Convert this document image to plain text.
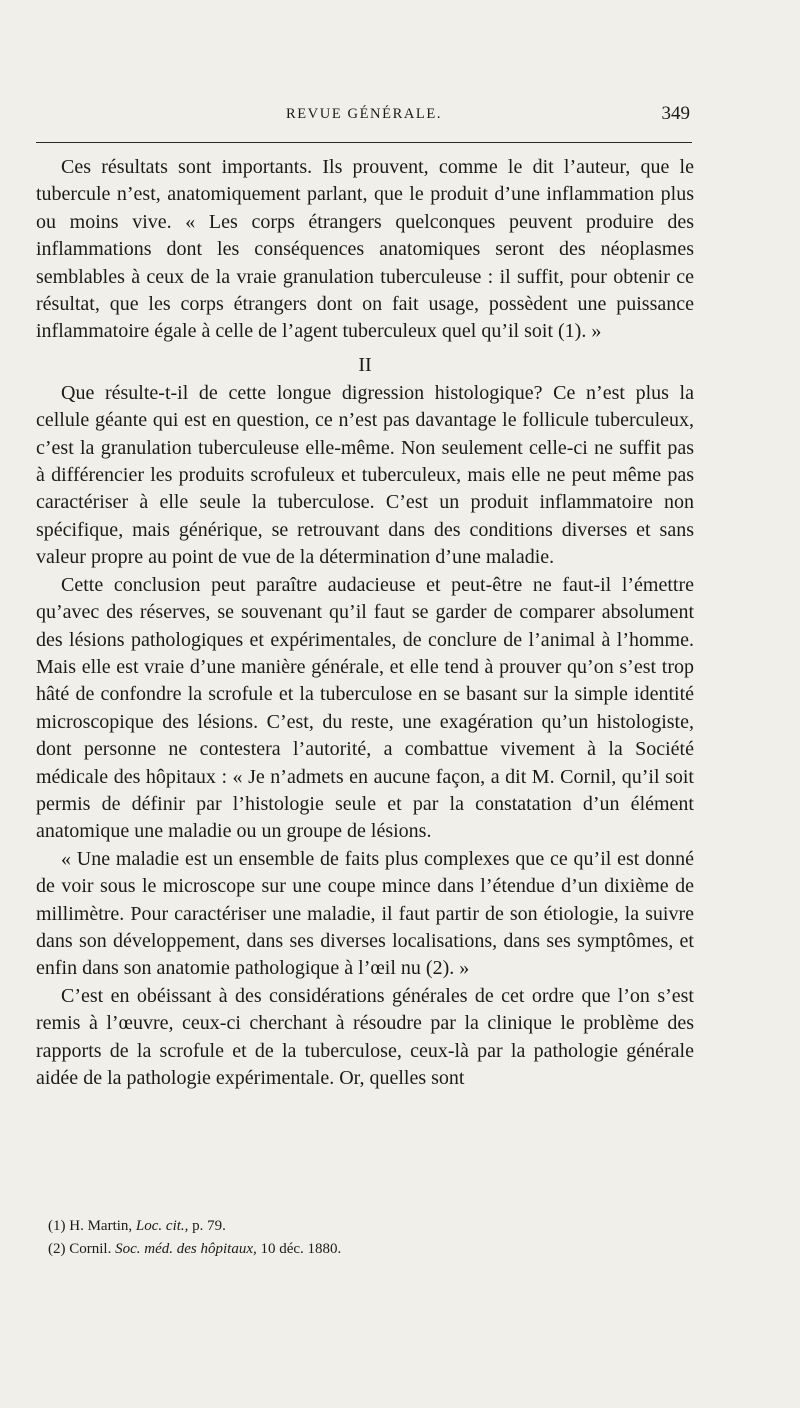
REVUE GÉNÉRALE.	349

Ces résultats sont importants. Ils prouvent, comme le dit l’auteur, que le tubercule n’est, anatomiquement parlant, que le produit d’une inflammation plus ou moins vive. « Les corps étrangers quelconques peuvent produire des inflammations dont les conséquences anatomiques seront des néoplasmes semblables à ceux de la vraie granulation tuberculeuse : il suffit, pour obtenir ce résultat, que les corps étrangers dont on fait usage, possèdent une puissance inflammatoire égale à celle de l’agent tuberculeux quel qu’il soit (1). »

II

Que résulte-t-il de cette longue digression histologique? Ce n’est plus la cellule géante qui est en question, ce n’est pas davantage le follicule tuberculeux, c’est la granulation tuberculeuse elle-même. Non seulement celle-ci ne suffit pas à différencier les produits scrofuleux et tuberculeux, mais elle ne peut même pas caractériser à elle seule la tuberculose. C’est un produit inflammatoire non spécifique, mais générique, se retrouvant dans des conditions diverses et sans valeur propre au point de vue de la détermination d’une maladie.

Cette conclusion peut paraître audacieuse et peut-être ne faut-il l’émettre qu’avec des réserves, se souvenant qu’il faut se garder de comparer absolument des lésions pathologiques et expérimentales, de conclure de l’animal à l’homme. Mais elle est vraie d’une manière générale, et elle tend à prouver qu’on s’est trop hâté de confondre la scrofule et la tuberculose en se basant sur la simple identité microscopique des lésions. C’est, du reste, une exagération qu’un histologiste, dont personne ne contestera l’autorité, a combattue vivement à la Société médicale des hôpitaux : « Je n’admets en aucune façon, a dit M. Cornil, qu’il soit permis de définir par l’histologie seule et par la constatation d’un élément anatomique une maladie ou un groupe de lésions.

« Une maladie est un ensemble de faits plus complexes que ce qu’il est donné de voir sous le microscope sur une coupe mince dans l’étendue d’un dixième de millimètre. Pour caractériser une maladie, il faut partir de son étiologie, la suivre dans son développement, dans ses diverses localisations, dans ses symptômes, et enfin dans son anatomie pathologique à l’œil nu (2). »

C’est en obéissant à des considérations générales de cet ordre que l’on s’est remis à l’œuvre, ceux-ci cherchant à résoudre par la clinique le problème des rapports de la scrofule et de la tuberculose, ceux-là par la pathologie générale aidée de la pathologie expérimentale. Or, quelles sont

(1) H. Martin, Loc. cit., p. 79.

(2) Cornil. Soc. méd. des hôpitaux, 10 déc. 1880.
